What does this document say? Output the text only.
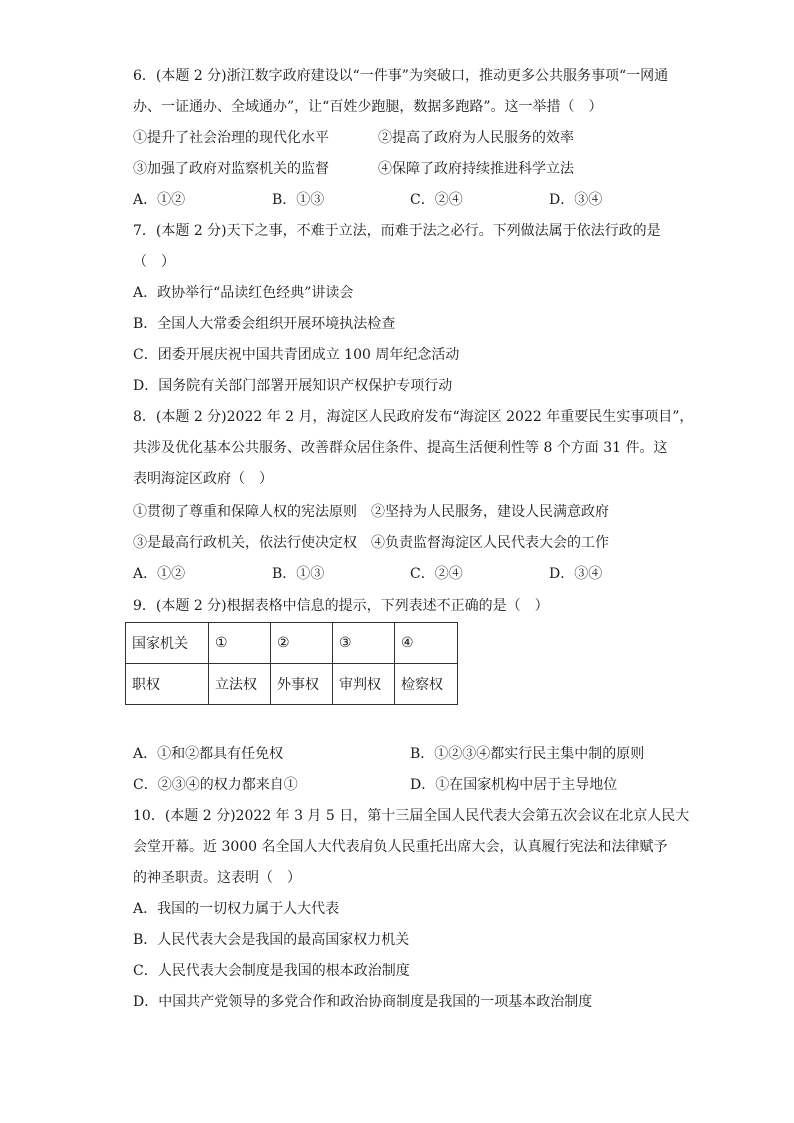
6．(本题 2 分)浙江数字政府建设以“一件事”为突破口，推动更多公共服务事项“一网通
办、一证通办、全域通办”，让“百姓少跑腿，数据多跑路”。这一举措（　）
①提升了社会治理的现代化水平	②提高了政府为人民服务的效率
③加强了政府对监察机关的监督	④保障了政府持续推进科学立法
A．①②	B．①③	C．②④	D．③④
7．(本题 2 分)天下之事，不难于立法，而难于法之必行。下列做法属于依法行政的是
（　）
A．政协举行“品读红色经典”讲读会
B．全国人大常委会组织开展环境执法检查
C．团委开展庆祝中国共青团成立 100 周年纪念活动
D．国务院有关部门部署开展知识产权保护专项行动
8．(本题 2 分)2022 年 2 月，海淀区人民政府发布“海淀区 2022 年重要民生实事项目”，
共涉及优化基本公共服务、改善群众居住条件、提高生活便利性等 8 个方面 31 件。这
表明海淀区政府（　）
①贯彻了尊重和保障人权的宪法原则　②坚持为人民服务，建设人民满意政府
③是最高行政机关，依法行使决定权　④负责监督海淀区人民代表大会的工作
A．①②	B．①③	C．②④	D．③④
9．(本题 2 分)根据表格中信息的提示，下列表述不正确的是（　）
国家机关	①	②	③	④
职权	立法权	外事权	审判权	检察权
A．①和②都具有任免权	B．①②③④都实行民主集中制的原则
C．②③④的权力都来自①	D．①在国家机构中居于主导地位
10．(本题 2 分)2022 年 3 月 5 日，第十三届全国人民代表大会第五次会议在北京人民大
会堂开幕。近 3000 名全国人大代表肩负人民重托出席大会，认真履行宪法和法律赋予
的神圣职责。这表明（　）
A．我国的一切权力属于人大代表
B．人民代表大会是我国的最高国家权力机关
C．人民代表大会制度是我国的根本政治制度
D．中国共产党领导的多党合作和政治协商制度是我国的一项基本政治制度
